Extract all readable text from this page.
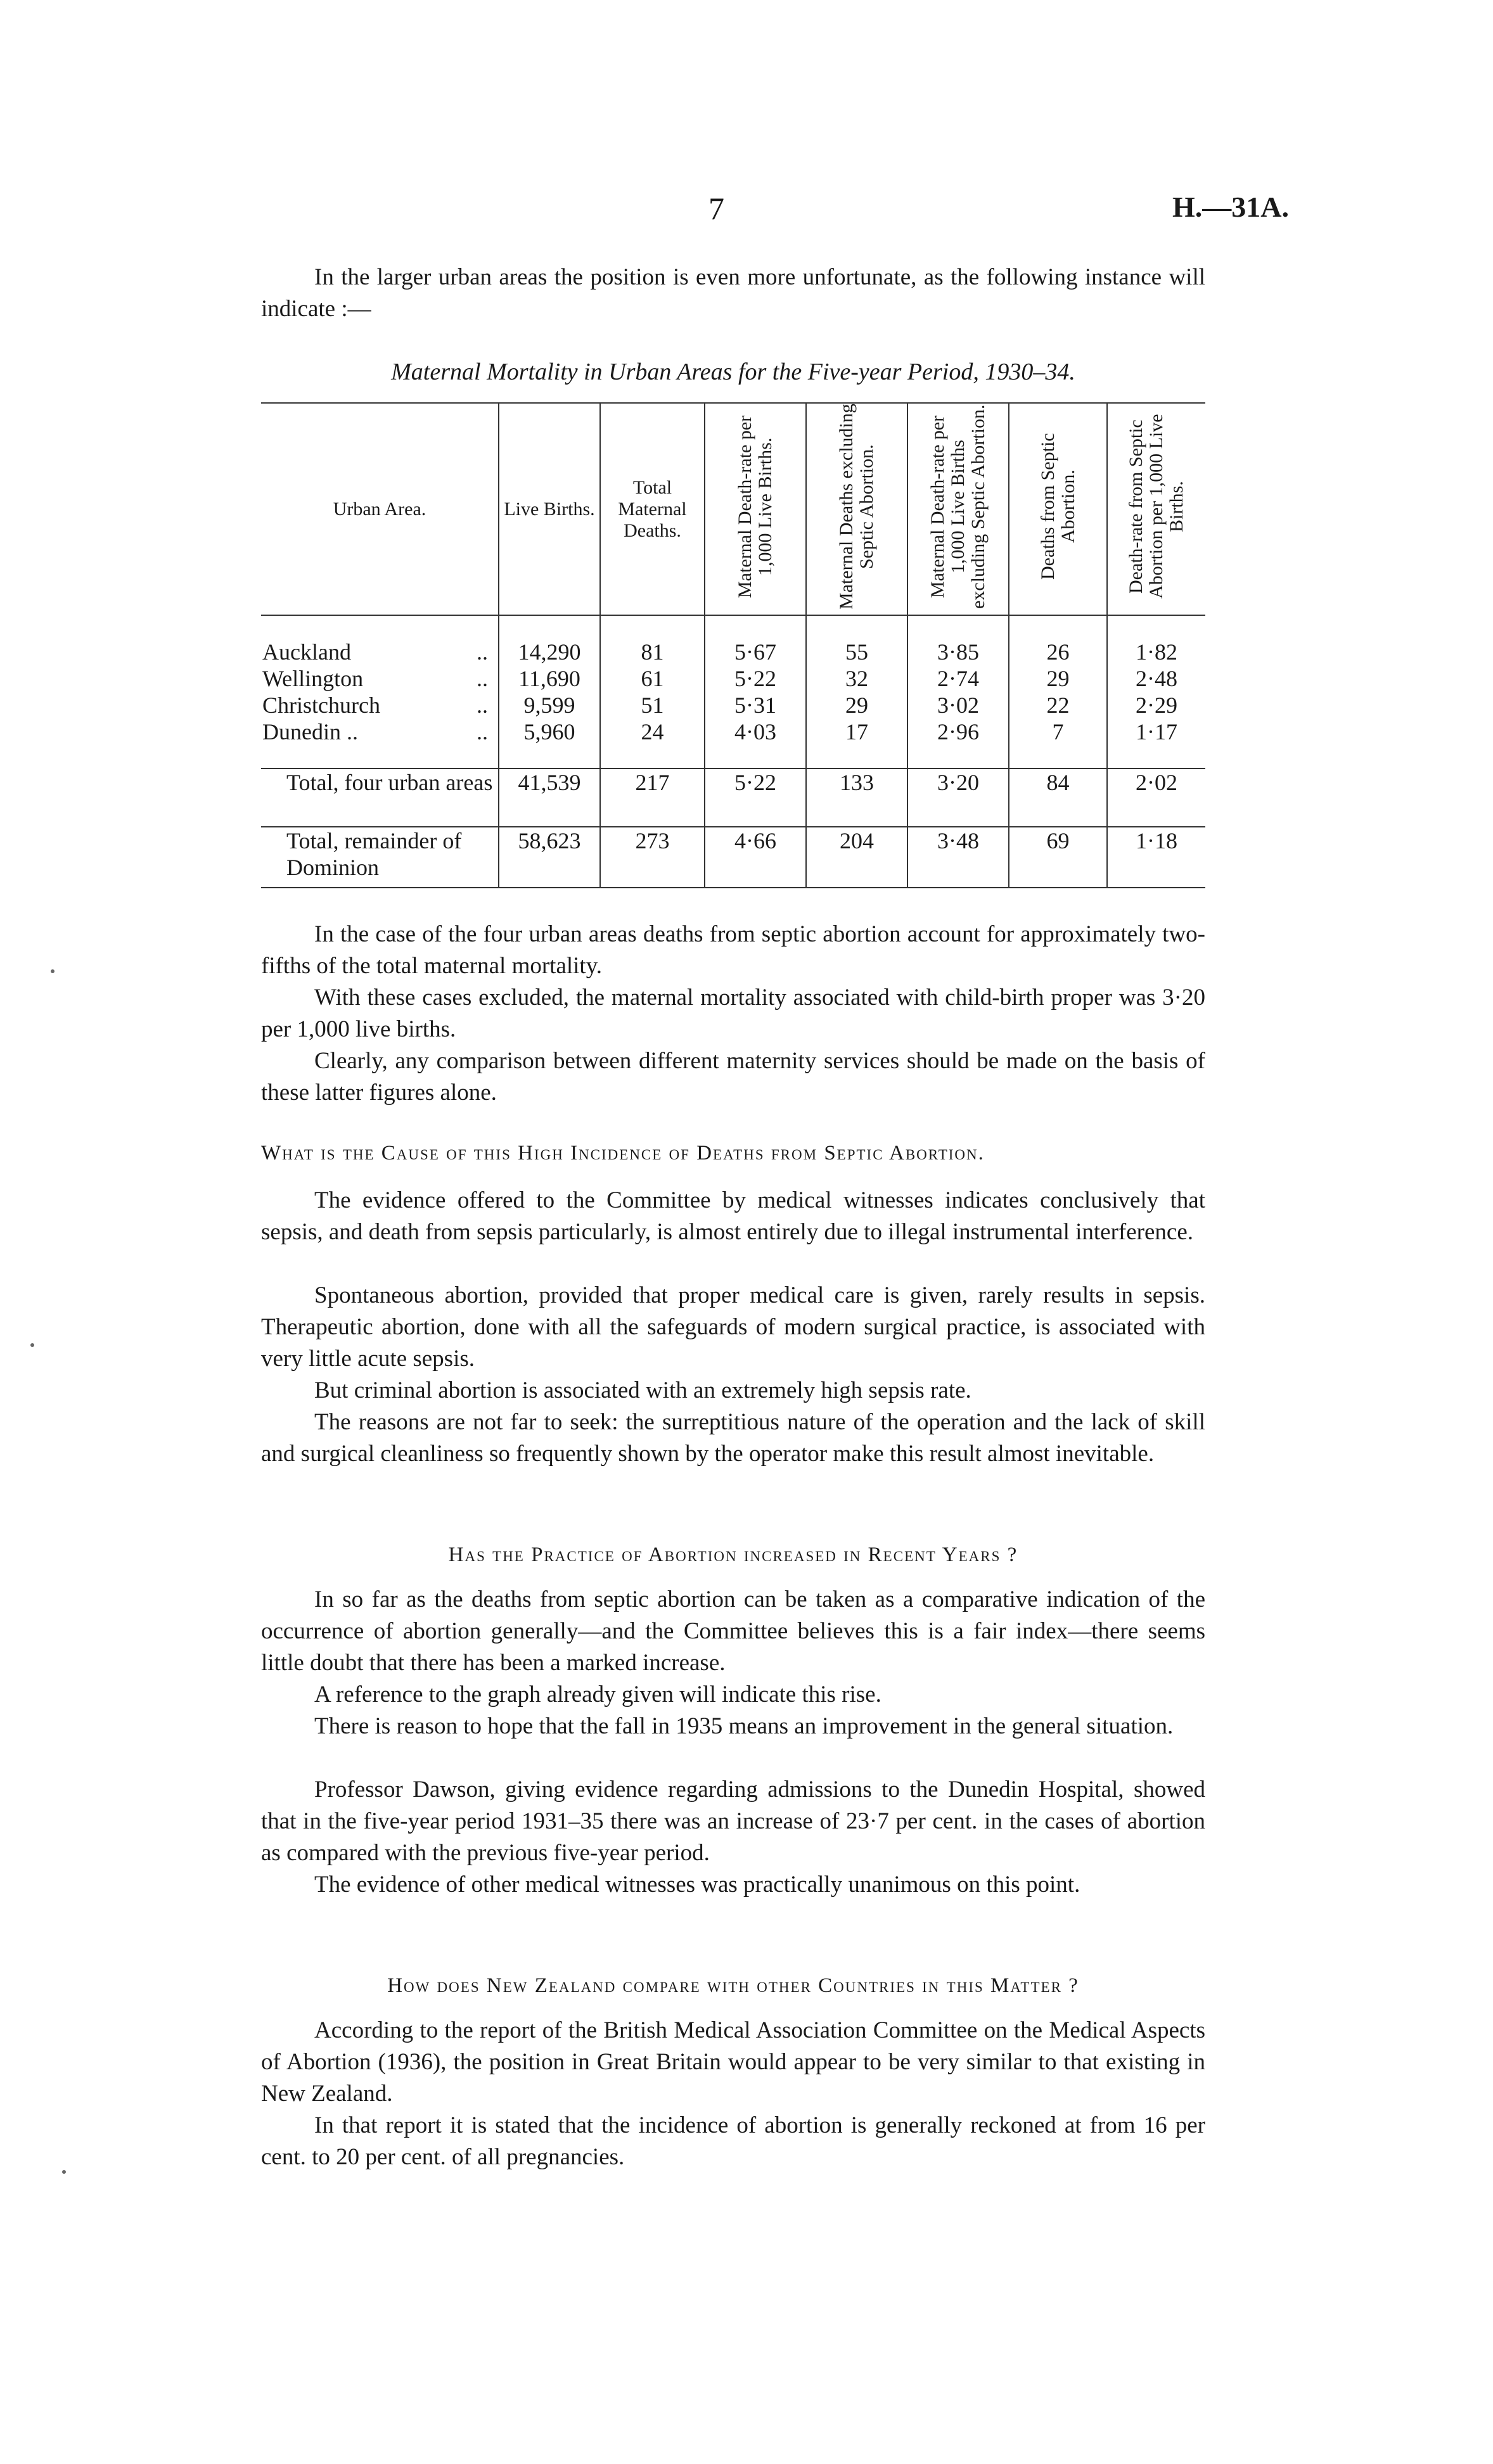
7	H.—31A.

In the larger urban areas the position is even more unfortunate, as the following instance will indicate :—

Maternal Mortality in Urban Areas for the Five-year Period, 1930–34.
Urban Area.	Live Births.	Total Maternal Deaths.	Maternal Death-rate per 1,000 Live Births.	Maternal Deaths excluding Septic Abortion.	Maternal Death-rate per 1,000 Live Births excluding Septic Abortion.	Deaths from Septic Abortion.	Death-rate from Septic Abortion per 1,000 Live Births.

Auckland ..	14,290	81	5·67	55	3·85	26	1·82
Wellington ..	11,690	61	5·22	32	2·74	29	2·48
Christchurch ..	9,599	51	5·31	29	3·02	22	2·29
Dunedin .. ..	5,960	24	4·03	17	2·96	7	1·17

Total, four urban areas	41,539	217	5·22	133	3·20	84	2·02
Total, remainder of Dominion	58,623	273	4·66	204	3·48	69	1·18

In the case of the four urban areas deaths from septic abortion account for approximately two-fifths of the total maternal mortality.

With these cases excluded, the maternal mortality associated with child-birth proper was 3·20 per 1,000 live births.

Clearly, any comparison between different maternity services should be made on the basis of these latter figures alone.

What is the Cause of this High Incidence of Deaths from Septic Abortion.

The evidence offered to the Committee by medical witnesses indicates conclusively that sepsis, and death from sepsis particularly, is almost entirely due to illegal instrumental interference.

Spontaneous abortion, provided that proper medical care is given, rarely results in sepsis. Therapeutic abortion, done with all the safeguards of modern surgical practice, is associated with very little acute sepsis.

But criminal abortion is associated with an extremely high sepsis rate.

The reasons are not far to seek: the surreptitious nature of the operation and the lack of skill and surgical cleanliness so frequently shown by the operator make this result almost inevitable.

Has the Practice of Abortion increased in Recent Years ?

In so far as the deaths from septic abortion can be taken as a comparative indication of the occurrence of abortion generally—and the Committee believes this is a fair index—there seems little doubt that there has been a marked increase.

A reference to the graph already given will indicate this rise.

There is reason to hope that the fall in 1935 means an improvement in the general situation.

Professor Dawson, giving evidence regarding admissions to the Dunedin Hospital, showed that in the five-year period 1931–35 there was an increase of 23·7 per cent. in the cases of abortion as compared with the previous five-year period.

The evidence of other medical witnesses was practically unanimous on this point.

How does New Zealand compare with other Countries in this Matter ?

According to the report of the British Medical Association Committee on the Medical Aspects of Abortion (1936), the position in Great Britain would appear to be very similar to that existing in New Zealand.

In that report it is stated that the incidence of abortion is generally reckoned at from 16 per cent. to 20 per cent. of all pregnancies.
